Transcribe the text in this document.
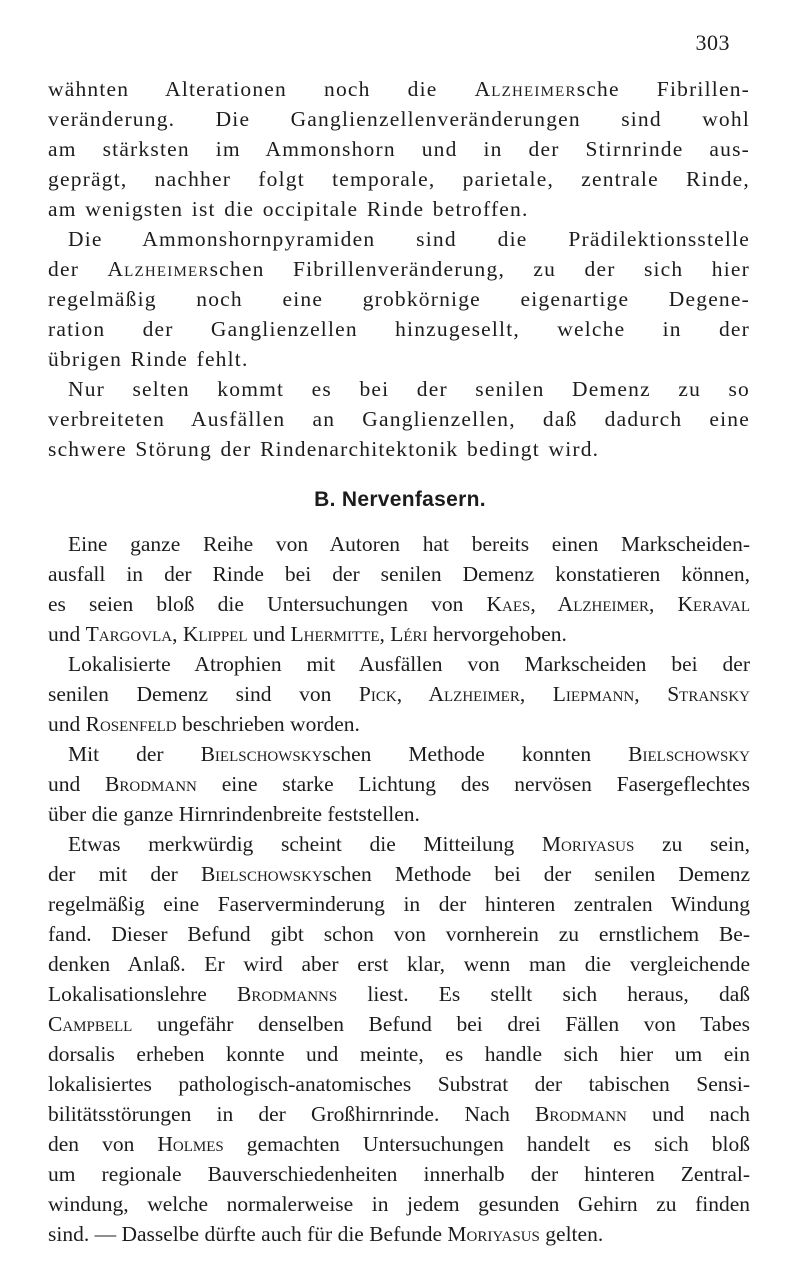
303
wähnten Alterationen noch die Alzheimersche Fibrillen-
veränderung. Die Ganglienzellenveränderungen sind wohl
am stärksten im Ammonshorn und in der Stirnrinde aus-
geprägt, nachher folgt temporale, parietale, zentrale Rinde,
am wenigsten ist die occipitale Rinde betroffen.
Die Ammonshornpyramiden sind die Prädilektionsstelle
der Alzheimerschen Fibrillenveränderung, zu der sich hier
regelmäßig noch eine grobkörnige eigenartige Degene-
ration der Ganglienzellen hinzugesellt, welche in der
übrigen Rinde fehlt.
Nur selten kommt es bei der senilen Demenz zu so
verbreiteten Ausfällen an Ganglienzellen, daß dadurch eine
schwere Störung der Rindenarchitektonik bedingt wird.
Eine ganze Reihe von Autoren hat bereits einen Markscheiden-
ausfall in der Rinde bei der senilen Demenz konstatieren können,
es seien bloß die Untersuchungen von Kaes, Alzheimer, Keraval
und Targovla, Klippel und Lhermitte, Léri hervorgehoben.
Lokalisierte Atrophien mit Ausfällen von Markscheiden bei der
senilen Demenz sind von Pick, Alzheimer, Liepmann, Stransky
und Rosenfeld beschrieben worden.
Mit der Bielschowskyschen Methode konnten Bielschowsky
und Brodmann eine starke Lichtung des nervösen Fasergeflechtes
über die ganze Hirnrindenbreite feststellen.
Etwas merkwürdig scheint die Mitteilung Moriyasus zu sein,
der mit der Bielschowskyschen Methode bei der senilen Demenz
regelmäßig eine Faserverminderung in der hinteren zentralen Windung
fand. Dieser Befund gibt schon von vornherein zu ernstlichem Be-
denken Anlaß. Er wird aber erst klar, wenn man die vergleichende
Lokalisationslehre Brodmanns liest. Es stellt sich heraus, daß
Campbell ungefähr denselben Befund bei drei Fällen von Tabes
dorsalis erheben konnte und meinte, es handle sich hier um ein
lokalisiertes pathologisch-anatomisches Substrat der tabischen Sensi-
bilitätsstörungen in der Großhirnrinde. Nach Brodmann und nach
den von Holmes gemachten Untersuchungen handelt es sich bloß
um regionale Bauverschiedenheiten innerhalb der hinteren Zentral-
windung, welche normalerweise in jedem gesunden Gehirn zu finden
sind. — Dasselbe dürfte auch für die Befunde Moriyasus gelten.
B. Nervenfasern.
